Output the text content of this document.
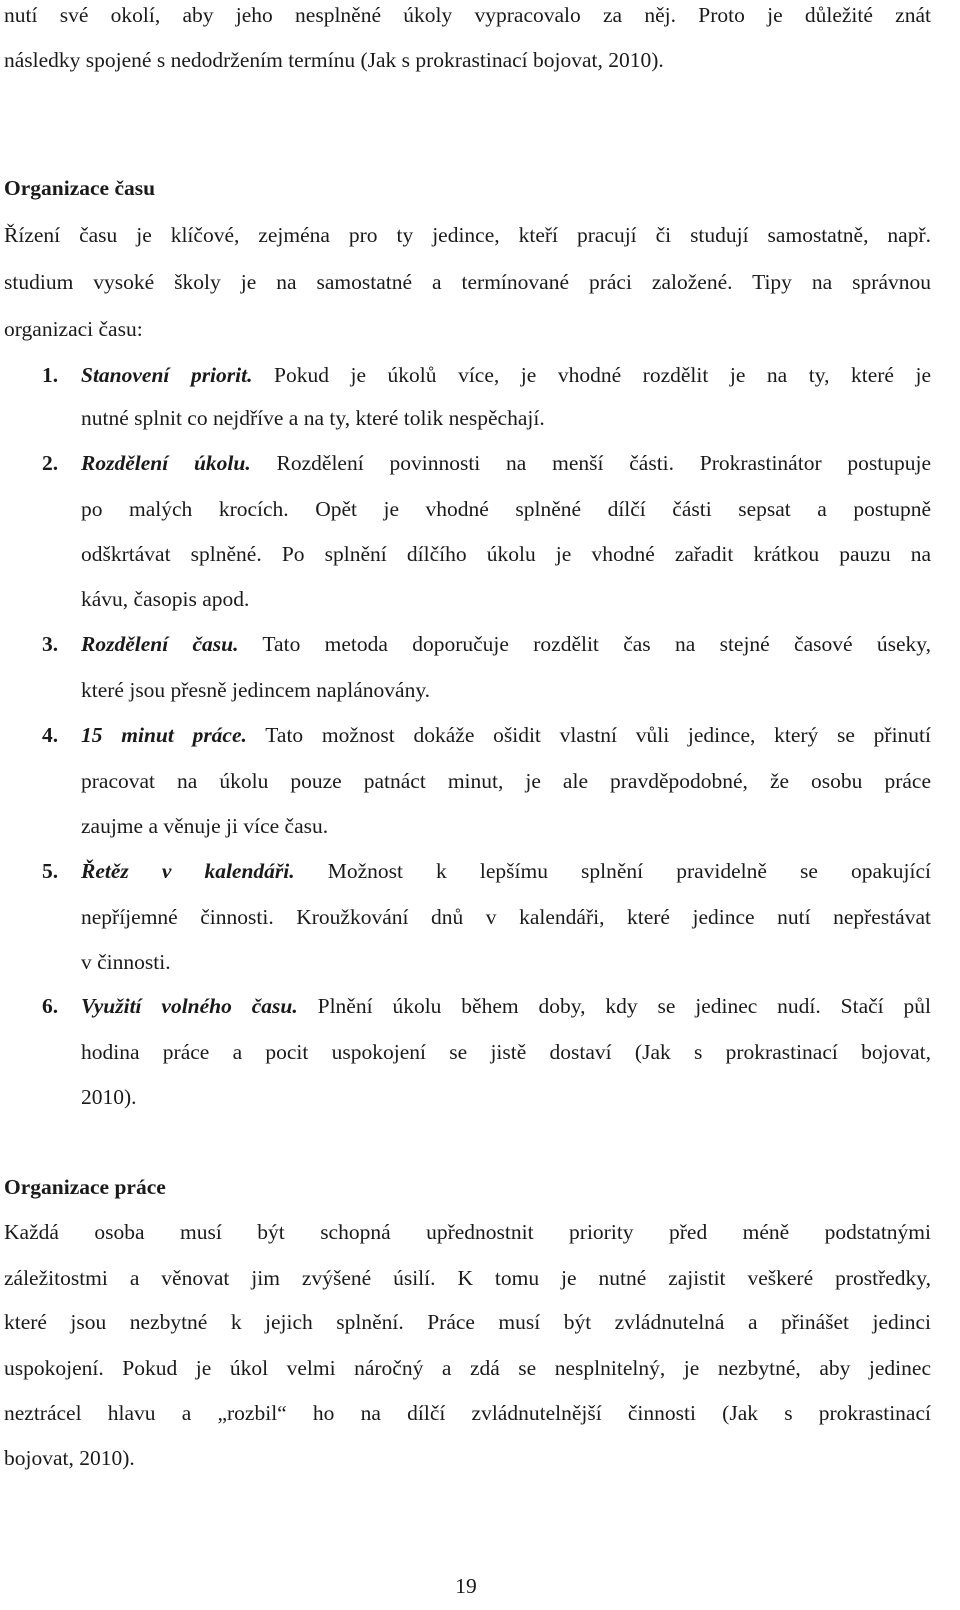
nutí své okolí, aby jeho nesplněné úkoly vypracovalo za něj. Proto je důležité znát
následky spojené s nedodržením termínu (Jak s prokrastinací bojovat, 2010).
Organizace času
Řízení času je klíčové, zejména pro ty jedince, kteří pracují či studují samostatně, např.
studium vysoké školy je na samostatné a termínované práci založené. Tipy na správnou
organizaci času:
1. Stanovení priorit. Pokud je úkolů více, je vhodné rozdělit je na ty, které je
nutné splnit co nejdříve a na ty, které tolik nespěchají.
2. Rozdělení úkolu. Rozdělení povinnosti na menší části. Prokrastinátor postupuje
po malých krocích. Opět je vhodné splněné dílčí části sepsat a postupně
odškrtávat splněné. Po splnění dílčího úkolu je vhodné zařadit krátkou pauzu na
kávu, časopis apod.
3. Rozdělení času. Tato metoda doporučuje rozdělit čas na stejné časové úseky,
které jsou přesně jedincem naplánovány.
4. 15 minut práce. Tato možnost dokáže ošidit vlastní vůli jedince, který se přinutí
pracovat na úkolu pouze patnáct minut, je ale pravděpodobné, že osobu práce
zaujme a věnuje ji více času.
5. Řetěz v kalendáři. Možnost k lepšímu splnění pravidelně se opakující
nepříjemné činnosti. Kroužkování dnů v kalendáři, které jedince nutí nepřestávat
v činnosti.
6. Využití volného času. Plnění úkolu během doby, kdy se jedinec nudí. Stačí půl
hodina práce a pocit uspokojení se jistě dostaví (Jak s prokrastinací bojovat,
2010).
Organizace práce
Každá osoba musí být schopná upřednostnit priority před méně podstatnými
záležitostmi a věnovat jim zvýšené úsilí. K tomu je nutné zajistit veškeré prostředky,
které jsou nezbytné k jejich splnění. Práce musí být zvládnutelná a přinášet jedinci
uspokojení. Pokud je úkol velmi náročný a zdá se nesplnitelný, je nezbytné, aby jedinec
neztrácel hlavu a „rozbil“ ho na dílčí zvládnutelnější činnosti (Jak s prokrastinací
bojovat, 2010).
19
